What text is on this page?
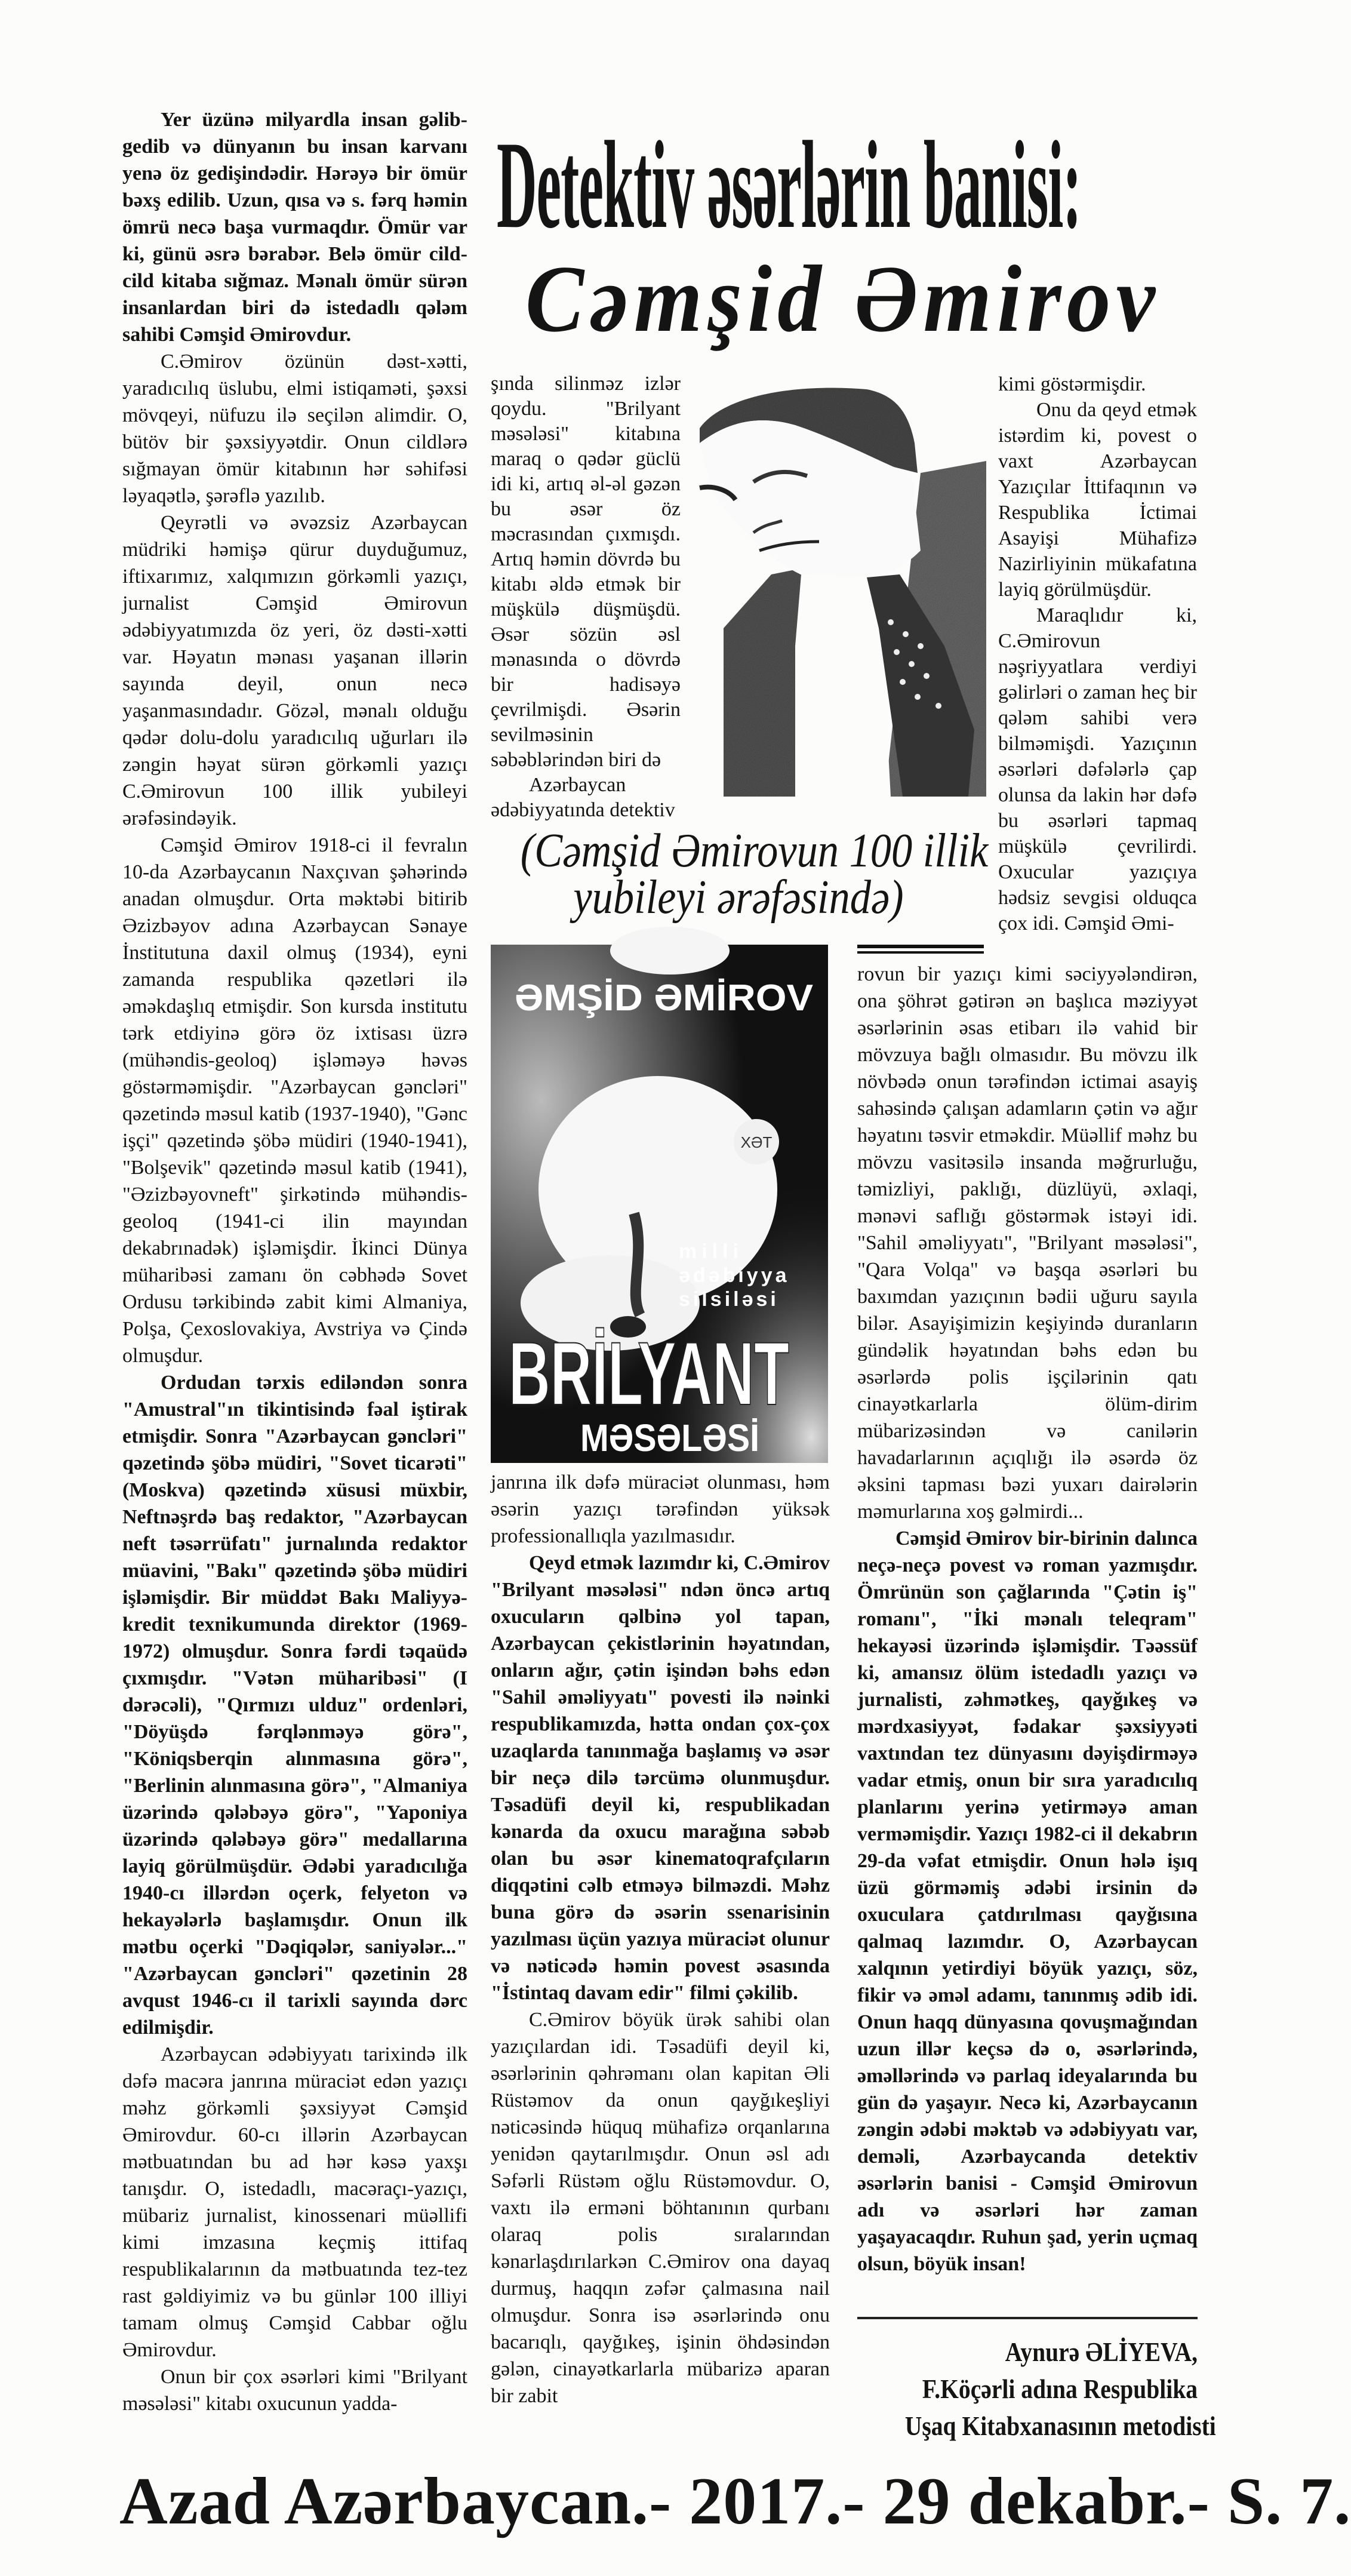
Detektiv əsərlərin banisi:
Cəmşid Əmirov

Yer üzünə milyardla insan gəlib-gedib və dünyanın bu insan karvanı yenə öz gedişindədir. Hərəyə bir ömür bəxş edilib. Uzun, qısa və s. fərq həmin ömrü necə başa vurmaqdır. Ömür var ki, günü əsrə bərabər. Belə ömür cild-cild kitaba sığmaz. Mənalı ömür sürən insanlardan biri də istedadlı qələm sahibi Cəmşid Əmirovdur.

C.Əmirov özünün dəst-xətti, yaradıcılıq üslubu, elmi istiqaməti, şəxsi mövqeyi, nüfuzu ilə seçilən alimdir. O, bütöv bir şəxsiyyətdir. Onun cildlərə sığmayan ömür kitabının hər səhifəsi ləyaqətlə, şərəflə yazılıb.

Qeyrətli və əvəzsiz Azərbaycan müdriki həmişə qürur duyduğumuz, iftixarımız, xalqımızın görkəmli yazıçı, jurnalist Cəmşid Əmirovun ədəbiyyatımızda öz yeri, öz dəsti-xətti var. Həyatın mənası yaşanan illərin sayında deyil, onun necə yaşanmasındadır. Gözəl, mənalı olduğu qədər dolu-dolu yaradıcılıq uğurları ilə zəngin həyat sürən görkəmli yazıçı C.Əmirovun 100 illik yubileyi ərəfəsindəyik.

Cəmşid Əmirov 1918-ci il fevralın 10-da Azərbaycanın Naxçıvan şəhərində anadan olmuşdur. Orta məktəbi bitirib Əzizbəyov adına Azərbaycan Sənaye İnstitutuna daxil olmuş (1934), eyni zamanda respublika qəzetləri ilə əməkdaşlıq etmişdir. Son kursda institutu tərk etdiyinə görə öz ixtisası üzrə (mühəndis-geoloq) işləməyə həvəs göstərməmişdir. "Azərbaycan gəncləri" qəzetində məsul katib (1937-1940), "Gənc işçi" qəzetində şöbə müdiri (1940-1941), "Bolşevik" qəzetində məsul katib (1941), "Əzizbəyovneft" şirkətində mühəndis-geoloq (1941-ci ilin mayından dekabrınadək) işləmişdir. İkinci Dünya müharibəsi zamanı ön cəbhədə Sovet Ordusu tərkibində zabit kimi Almaniya, Polşa, Çexoslovakiya, Avstriya və Çində olmuşdur.

Ordudan tərxis ediləndən sonra "Amustral"ın tikintisində fəal iştirak etmişdir. Sonra "Azərbaycan gəncləri" qəzetində şöbə müdiri, "Sovet ticarəti" (Moskva) qəzetində xüsusi müxbir, Neftnəşrdə baş redaktor, "Azərbaycan neft təsərrüfatı" jurnalında redaktor müavini, "Bakı" qəzetində şöbə müdiri işləmişdir. Bir müddət Bakı Maliyyə-kredit texnikumunda direktor (1969-1972) olmuşdur. Sonra fərdi təqaüdə çıxmışdır. "Vətən müharibəsi" (I dərəcəli), "Qırmızı ulduz" ordenləri, "Döyüşdə fərqlənməyə görə", "Köniqsberqin alınmasına görə", "Berlinin alınmasına görə", "Almaniya üzərində qələbəyə görə", "Yaponiya üzərində qələbəyə görə" medallarına layiq görülmüşdür. Ədəbi yaradıcılığa 1940-cı illərdən oçerk, felyeton və hekayələrlə başlamışdır. Onun ilk mətbu oçerki "Dəqiqələr, saniyələr..." "Azərbaycan gəncləri" qəzetinin 28 avqust 1946-cı il tarixli sayında dərc edilmişdir.

Azərbaycan ədəbiyyatı tarixində ilk dəfə macəra janrına müraciət edən yazıçı məhz görkəmli şəxsiyyət Cəmşid Əmirovdur. 60-cı illərin Azərbaycan mətbuatından bu ad hər kəsə yaxşı tanışdır. O, istedadlı, macəraçı-yazıçı, mübariz jurnalist, kinossenari müəllifi kimi imzasına keçmiş ittifaq respublikalarının da mətbuatında tez-tez rast gəldiyimiz və bu günlər 100 illiyi tamam olmuş Cəmşid Cabbar oğlu Əmirovdur.

Onun bir çox əsərləri kimi "Brilyant məsələsi" kitabı oxucunun yadda-

şında silinməz izlər qoydu. "Brilyant məsələsi" kitabına maraq o qədər güclü idi ki, artıq əl-əl gəzən bu əsər öz məcrasından çıxmışdı. Artıq həmin dövrdə bu kitabı əldə etmək bir müşkülə düşmüşdü. Əsər sözün əsl mənasında o dövrdə bir hadisəyə çevrilmişdi. Əsərin sevilməsinin səbəblərindən biri də

Azərbaycan ədəbiyyatında detektiv

(Cəmşid Əmirovun 100 illik
yubileyi ərəfəsində)

kimi göstərmişdir.

Onu da qeyd etmək istərdim ki, povest o vaxt Azərbaycan Yazıçılar İttifaqının və Respublika İctimai Asayişi Mühafizə Nazirliyinin mükafatına layiq görülmüşdür.

Maraqlıdır ki, C.Əmirovun nəşriyyatlara verdiyi gəlirləri o zaman heç bir qələm sahibi verə bilməmişdi. Yazıçının əsərləri dəfələrlə çap olunsa da lakin hər dəfə bu əsərləri tapmaq müşkülə çevrilirdi. Oxucular yazıçıya hədsiz sevgisi olduqca çox idi. Cəmşid Əmi-

XƏT
ƏMŞİD ƏMİROV
milli
ədəbiyya
silsiləsi
BRİLYANT
MƏSƏLƏSİ

janrına ilk dəfə müraciət olunması, həm əsərin yazıçı tərəfindən yüksək professionallıqla yazılmasıdır.

Qeyd etmək lazımdır ki, C.Əmirov "Brilyant məsələsi" ndən öncə artıq oxucuların qəlbinə yol tapan, Azərbaycan çekistlərinin həyatından, onların ağır, çətin işindən bəhs edən "Sahil əməliyyatı" povesti ilə nəinki respublikamızda, hətta ondan çox-çox uzaqlarda tanınmağa başlamış və əsər bir neçə dilə tərcümə olunmuşdur. Təsadüfi deyil ki, respublikadan kənarda da oxucu marağına səbəb olan bu əsər kinematoqrafçıların diqqətini cəlb etməyə bilməzdi. Məhz buna görə də əsərin ssenarisinin yazılması üçün yazıya müraciət olunur və nəticədə həmin povest əsasında "İstintaq davam edir" filmi çəkilib.

C.Əmirov böyük ürək sahibi olan yazıçılardan idi. Təsadüfi deyil ki, əsərlərinin qəhrəmanı olan kapitan Əli Rüstəmov da onun qayğıkeşliyi nəticəsində hüquq mühafizə orqanlarına yenidən qaytarılmışdır. Onun əsl adı Səfərli Rüstəm oğlu Rüstəmovdur. O, vaxtı ilə erməni böhtanının qurbanı olaraq polis sıralarından kənarlaşdırılarkən C.Əmirov ona dayaq durmuş, haqqın zəfər çalmasına nail olmuşdur. Sonra isə əsərlərində onu bacarıqlı, qayğıkeş, işinin öhdəsindən gələn, cinayətkarlarla mübarizə aparan bir zabit

rovun bir yazıçı kimi səciyyələndirən, ona şöhrət gətirən ən başlıca məziyyət əsərlərinin əsas etibarı ilə vahid bir mövzuya bağlı olmasıdır. Bu mövzu ilk növbədə onun tərəfindən ictimai asayiş sahəsində çalışan adamların çətin və ağır həyatını təsvir etməkdir. Müəllif məhz bu mövzu vasitəsilə insanda məğrurluğu, təmizliyi, paklığı, düzlüyü, əxlaqi, mənəvi saflığı göstərmək istəyi idi. "Sahil əməliyyatı", "Brilyant məsələsi", "Qara Volqa" və başqa əsərləri bu baxımdan yazıçının bədii uğuru sayıla bilər. Asayişimizin keşiyində duranların gündəlik həyatından bəhs edən bu əsərlərdə polis işçilərinin qatı cinayətkarlarla ölüm-dirim mübarizəsindən və canilərin havadarlarının açıqlığı ilə əsərdə öz əksini tapması bəzi yuxarı dairələrin məmurlarına xoş gəlmirdi...

Cəmşid Əmirov bir-birinin dalınca neçə-neçə povest və roman yazmışdır. Ömrünün son çağlarında "Çətin iş" romanı", "İki mənalı teleqram" hekayəsi üzərində işləmişdir. Təəssüf ki, amansız ölüm istedadlı yazıçı və jurnalisti, zəhmətkeş, qayğıkeş və mərdxasiyyət, fədakar şəxsiyyəti vaxtından tez dünyasını dəyişdirməyə vadar etmiş, onun bir sıra yaradıcılıq planlarını yerinə yetirməyə aman verməmişdir. Yazıçı 1982-ci il dekabrın 29-da vəfat etmişdir. Onun hələ işıq üzü görməmiş ədəbi irsinin də oxuculara çatdırılması qayğısına qalmaq lazımdır. O, Azərbaycan xalqının yetirdiyi böyük yazıçı, söz, fikir və əməl adamı, tanınmış ədib idi. Onun haqq dünyasına qovuşmağından uzun illər keçsə də o, əsərlərində, əməllərində və parlaq ideyalarında bu gün də yaşayır. Necə ki, Azərbaycanın zəngin ədəbi məktəb və ədəbiyyatı var, deməli, Azərbaycanda detektiv əsərlərin banisi - Cəmşid Əmirovun adı və əsərləri hər zaman yaşayacaqdır. Ruhun şad, yerin uçmaq olsun, böyük insan!

Aynurə ƏLİYEVA,
F.Köçərli adına Respublika
Uşaq Kitabxanasının metodisti
Azad Azərbaycan.- 2017.- 29 dekabr.- S. 7.
